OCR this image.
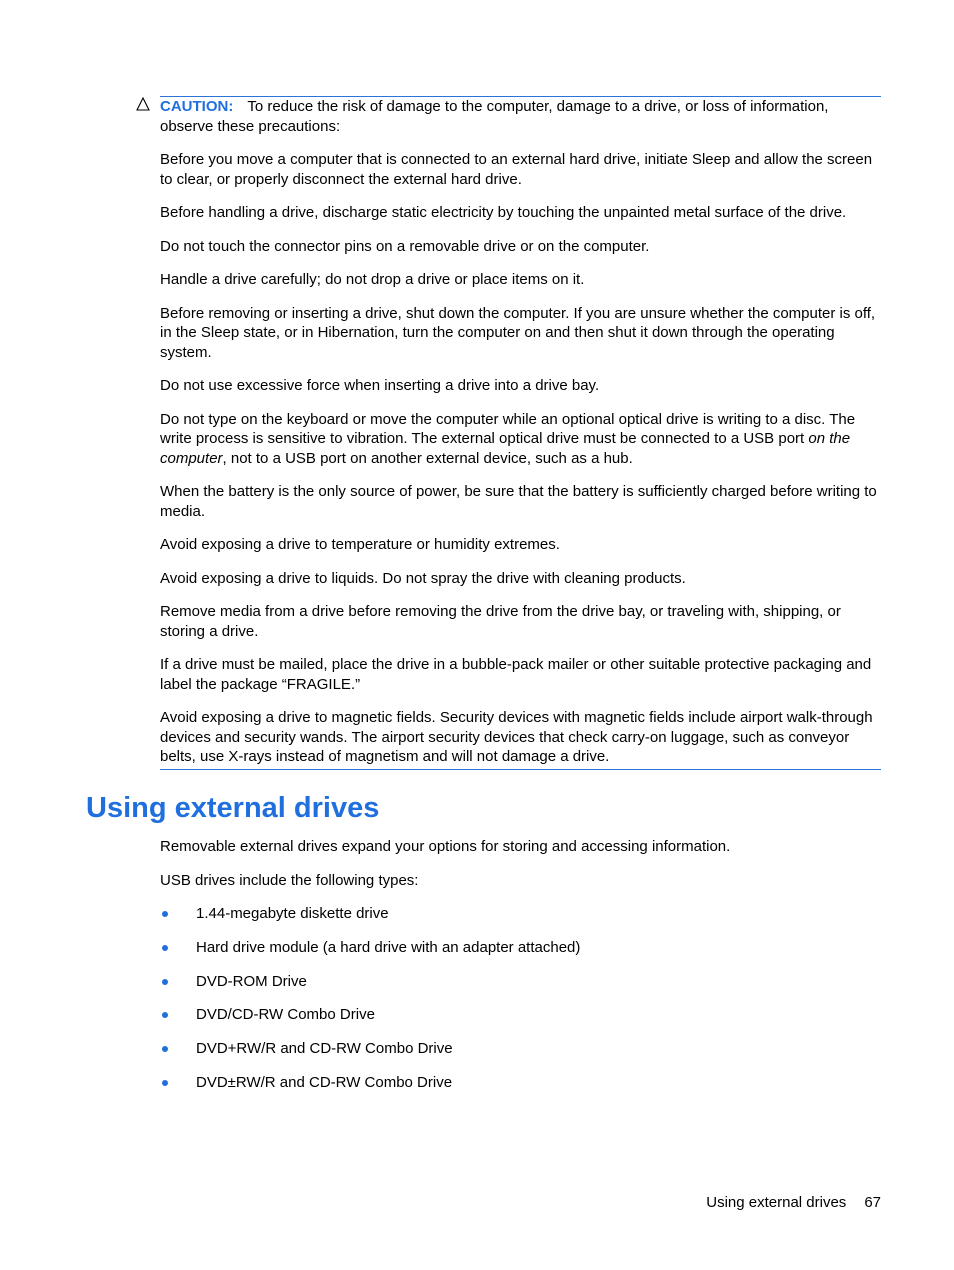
CAUTION: To reduce the risk of damage to the computer, damage to a drive, or loss of information, observe these precautions:

Before you move a computer that is connected to an external hard drive, initiate Sleep and allow the screen to clear, or properly disconnect the external hard drive.

Before handling a drive, discharge static electricity by touching the unpainted metal surface of the drive.

Do not touch the connector pins on a removable drive or on the computer.

Handle a drive carefully; do not drop a drive or place items on it.

Before removing or inserting a drive, shut down the computer. If you are unsure whether the computer is off, in the Sleep state, or in Hibernation, turn the computer on and then shut it down through the operating system.

Do not use excessive force when inserting a drive into a drive bay.

Do not type on the keyboard or move the computer while an optional optical drive is writing to a disc. The write process is sensitive to vibration. The external optical drive must be connected to a USB port on the computer, not to a USB port on another external device, such as a hub.

When the battery is the only source of power, be sure that the battery is sufficiently charged before writing to media.

Avoid exposing a drive to temperature or humidity extremes.

Avoid exposing a drive to liquids. Do not spray the drive with cleaning products.

Remove media from a drive before removing the drive from the drive bay, or traveling with, shipping, or storing a drive.

If a drive must be mailed, place the drive in a bubble-pack mailer or other suitable protective packaging and label the package “FRAGILE.”

Avoid exposing a drive to magnetic fields. Security devices with magnetic fields include airport walk-through devices and security wands. The airport security devices that check carry-on luggage, such as conveyor belts, use X-rays instead of magnetism and will not damage a drive.

Using external drives

Removable external drives expand your options for storing and accessing information.

USB drives include the following types:

1.44-megabyte diskette drive
Hard drive module (a hard drive with an adapter attached)
DVD-ROM Drive
DVD/CD-RW Combo Drive
DVD+RW/R and CD-RW Combo Drive
DVD±RW/R and CD-RW Combo Drive
Using external drives 67
